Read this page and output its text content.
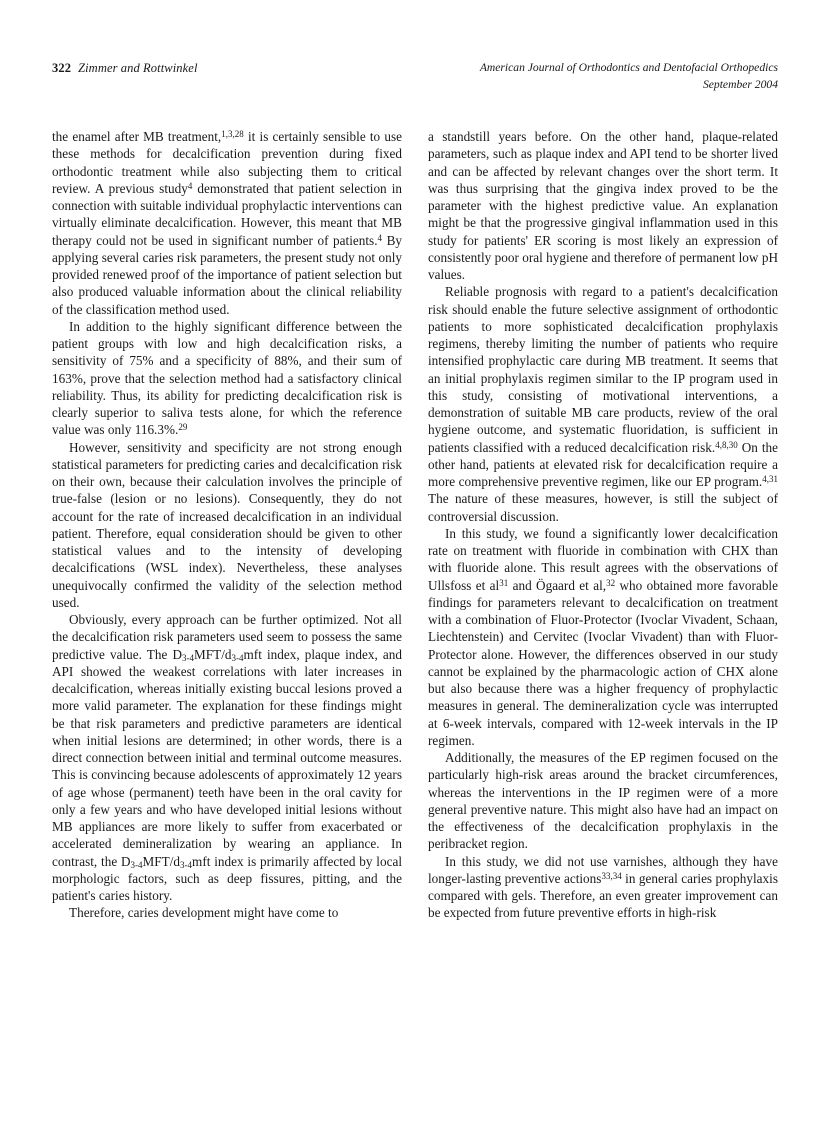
322 Zimmer and Rottwinkel	American Journal of Orthodontics and Dentofacial Orthopedics
September 2004

the enamel after MB treatment,$^{1,3,28}$ it is certainly sensible to use these methods for decalcification prevention during fixed orthodontic treatment while also subjecting them to critical review. A previous study$^4$ demonstrated that patient selection in connection with suitable individual prophylactic interventions can virtually eliminate decalcification. However, this meant that MB therapy could not be used in significant number of patients.$^4$ By applying several caries risk parameters, the present study not only provided renewed proof of the importance of patient selection but also produced valuable information about the clinical reliability of the classification method used.

In addition to the highly significant difference between the patient groups with low and high decalcification risks, a sensitivity of 75% and a specificity of 88%, and their sum of 163%, prove that the selection method had a satisfactory clinical reliability. Thus, its ability for predicting decalcification risk is clearly superior to saliva tests alone, for which the reference value was only 116.3%.$^{29}$

However, sensitivity and specificity are not strong enough statistical parameters for predicting caries and decalcification risk on their own, because their calculation involves the principle of true-false (lesion or no lesions). Consequently, they do not account for the rate of increased decalcification in an individual patient. Therefore, equal consideration should be given to other statistical values and to the intensity of developing decalcifications (WSL index). Nevertheless, these analyses unequivocally confirmed the validity of the selection method used.

Obviously, every approach can be further optimized. Not all the decalcification risk parameters used seem to possess the same predictive value. The $D_{3-4}MFT/d_{3-4}mft$ index, plaque index, and API showed the weakest correlations with later increases in decalcification, whereas initially existing buccal lesions proved a more valid parameter. The explanation for these findings might be that risk parameters and predictive parameters are identical when initial lesions are determined; in other words, there is a direct connection between initial and terminal outcome measures. This is convincing because adolescents of approximately 12 years of age whose (permanent) teeth have been in the oral cavity for only a few years and who have developed initial lesions without MB appliances are more likely to suffer from exacerbated or accelerated demineralization by wearing an appliance. In contrast, the $D_{3-4}MFT/d_{3-4}mft$ index is primarily affected by local morphologic factors, such as deep fissures, pitting, and the patient's caries history.

Therefore, caries development might have come to

a standstill years before. On the other hand, plaque-related parameters, such as plaque index and API tend to be shorter lived and can be affected by relevant changes over the short term. It was thus surprising that the gingiva index proved to be the parameter with the highest predictive value. An explanation might be that the progressive gingival inflammation used in this study for patients' ER scoring is most likely an expression of consistently poor oral hygiene and therefore of permanent low pH values.

Reliable prognosis with regard to a patient's decalcification risk should enable the future selective assignment of orthodontic patients to more sophisticated decalcification prophylaxis regimens, thereby limiting the number of patients who require intensified prophylactic care during MB treatment. It seems that an initial prophylaxis regimen similar to the IP program used in this study, consisting of motivational interventions, a demonstration of suitable MB care products, review of the oral hygiene outcome, and systematic fluoridation, is sufficient in patients classified with a reduced decalcification risk.$^{4,8,30}$ On the other hand, patients at elevated risk for decalcification require a more comprehensive preventive regimen, like our EP program.$^{4,31}$ The nature of these measures, however, is still the subject of controversial discussion.

In this study, we found a significantly lower decalcification rate on treatment with fluoride in combination with CHX than with fluoride alone. This result agrees with the observations of Ullsfoss et $al^{31}$ and Ögaard et al,$^{32}$ who obtained more favorable findings for parameters relevant to decalcification on treatment with a combination of Fluor-Protector (Ivoclar Vivadent, Schaan, Liechtenstein) and Cervitec (Ivoclar Vivadent) than with Fluor-Protector alone. However, the differences observed in our study cannot be explained by the pharmacologic action of CHX alone but also because there was a higher frequency of prophylactic measures in general. The demineralization cycle was interrupted at 6-week intervals, compared with 12-week intervals in the IP regimen.

Additionally, the measures of the EP regimen focused on the particularly high-risk areas around the bracket circumferences, whereas the interventions in the IP regimen were of a more general preventive nature. This might also have had an impact on the effectiveness of the decalcification prophylaxis in the peribracket region.

In this study, we did not use varnishes, although they have longer-lasting preventive actions$^{33,34}$ in general caries prophylaxis compared with gels. Therefore, an even greater improvement can be expected from future preventive efforts in high-risk
